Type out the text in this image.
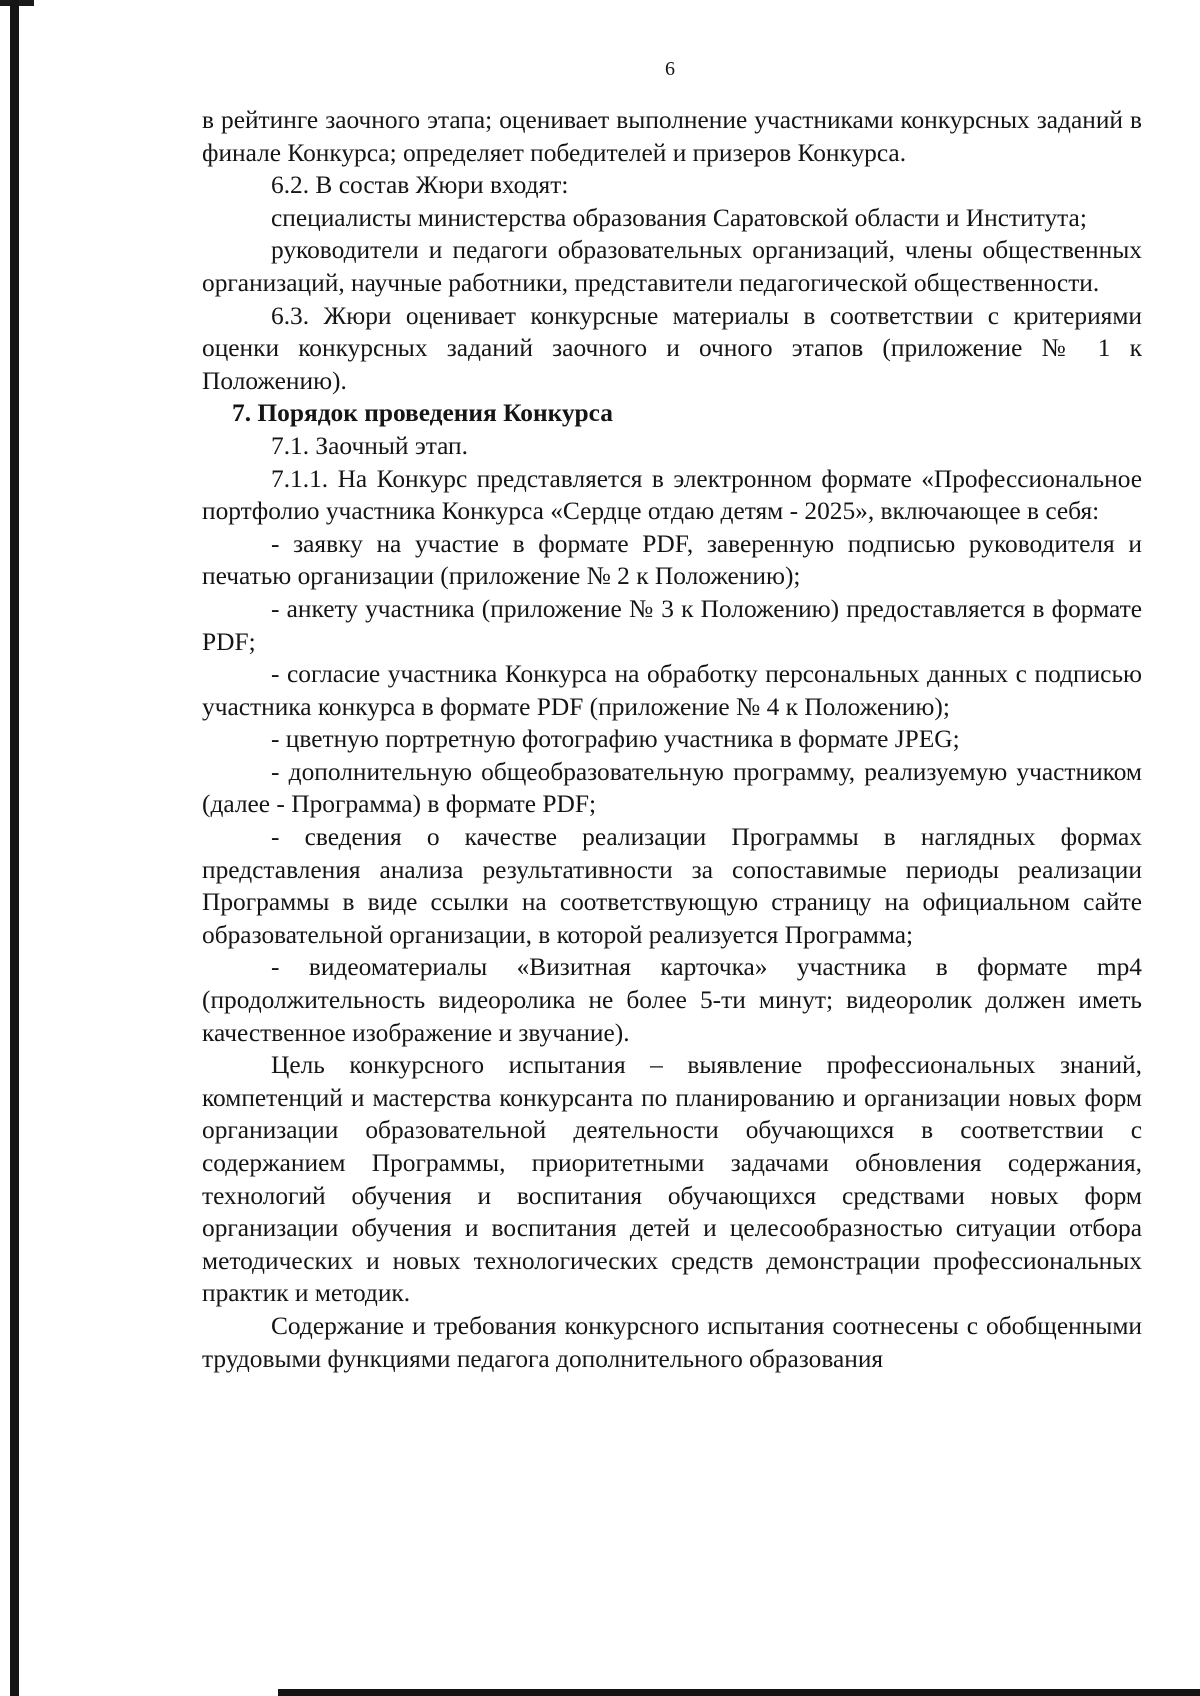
6

в рейтинге заочного этапа; оценивает выполнение участниками конкурсных заданий в финале Конкурса; определяет победителей и призеров Конкурса.

6.2. В состав Жюри входят:

специалисты министерства образования Саратовской области и Института;

руководители и педагоги образовательных организаций, члены общественных организаций, научные работники, представители педагогической общественности.

6.3. Жюри оценивает конкурсные материалы в соответствии с критериями оценки конкурсных заданий заочного и очного этапов (приложение № 1 к Положению).

7. Порядок проведения Конкурса

7.1. Заочный этап.

7.1.1. На Конкурс представляется в электронном формате «Профессиональное портфолио участника Конкурса «Сердце отдаю детям - 2025», включающее в себя:

- заявку на участие в формате PDF, заверенную подписью руководителя и печатью организации (приложение № 2 к Положению);

- анкету участника (приложение № 3 к Положению) предоставляется в формате PDF;

- согласие участника Конкурса на обработку персональных данных с подписью участника конкурса в формате PDF (приложение № 4 к Положению);

- цветную портретную фотографию участника в формате JPEG;

- дополнительную общеобразовательную программу, реализуемую участником (далее - Программа) в формате PDF;

- сведения о качестве реализации Программы в наглядных формах представления анализа результативности за сопоставимые периоды реализации Программы в виде ссылки на соответствующую страницу на официальном сайте образовательной организации, в которой реализуется Программа;

- видеоматериалы «Визитная карточка» участника в формате mp4 (продолжительность видеоролика не более 5-ти минут; видеоролик должен иметь качественное изображение и звучание).

Цель конкурсного испытания – выявление профессиональных знаний, компетенций и мастерства конкурсанта по планированию и организации новых форм организации образовательной деятельности обучающихся в соответствии с содержанием Программы, приоритетными задачами обновления содержания, технологий обучения и воспитания обучающихся средствами новых форм организации обучения и воспитания детей и целесообразностью ситуации отбора методических и новых технологических средств демонстрации профессиональных практик и методик.

Содержание и требования конкурсного испытания соотнесены с обобщенными трудовыми функциями педагога дополнительного образования
